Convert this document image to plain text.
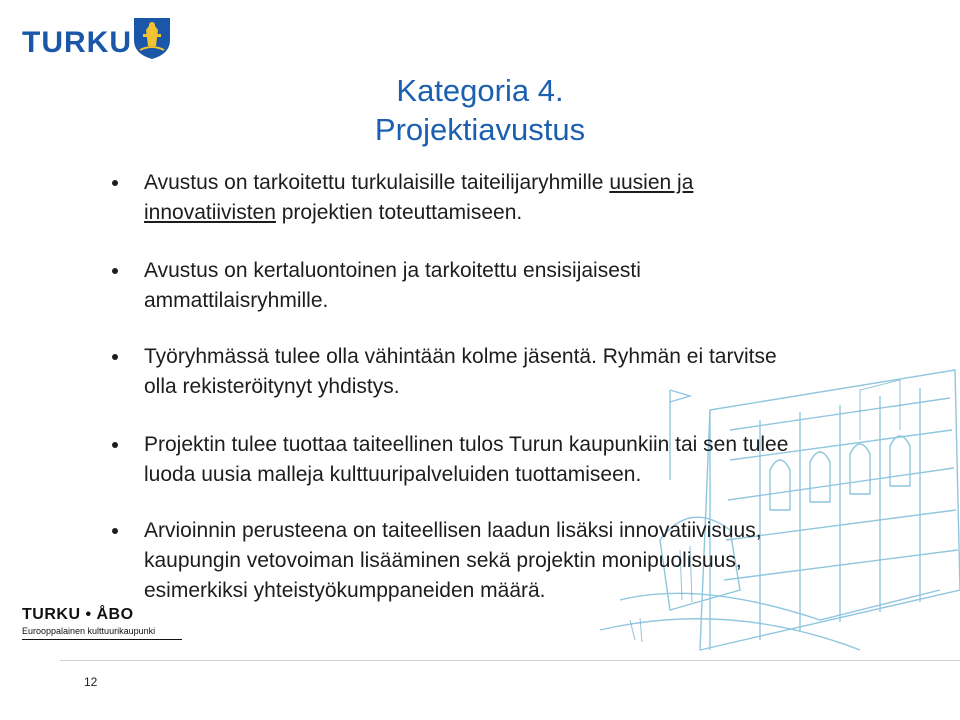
TURKU
Kategoria 4.
Projektiavustus
Avustus on tarkoitettu turkulaisille taiteilijaryhmille uusien ja
innovatiivisten projektien toteuttamiseen.
Avustus on kertaluontoinen ja tarkoitettu ensisijaisesti
ammattilaisryhmille.
Työryhmässä tulee olla vähintään kolme jäsentä. Ryhmän ei tarvitse
olla rekisteröitynyt yhdistys.
Projektin tulee tuottaa taiteellinen tulos Turun kaupunkiin tai sen tulee
luoda uusia malleja kulttuuripalveluiden tuottamiseen.
Arvioinnin perusteena on taiteellisen laadun lisäksi innovatiivisuus,
kaupungin vetovoiman lisääminen sekä projektin monipuolisuus,
esimerkiksi yhteistyökumppaneiden määrä.
TURKU • ÅBO
Eurooppalainen kulttuurikaupunki
12
